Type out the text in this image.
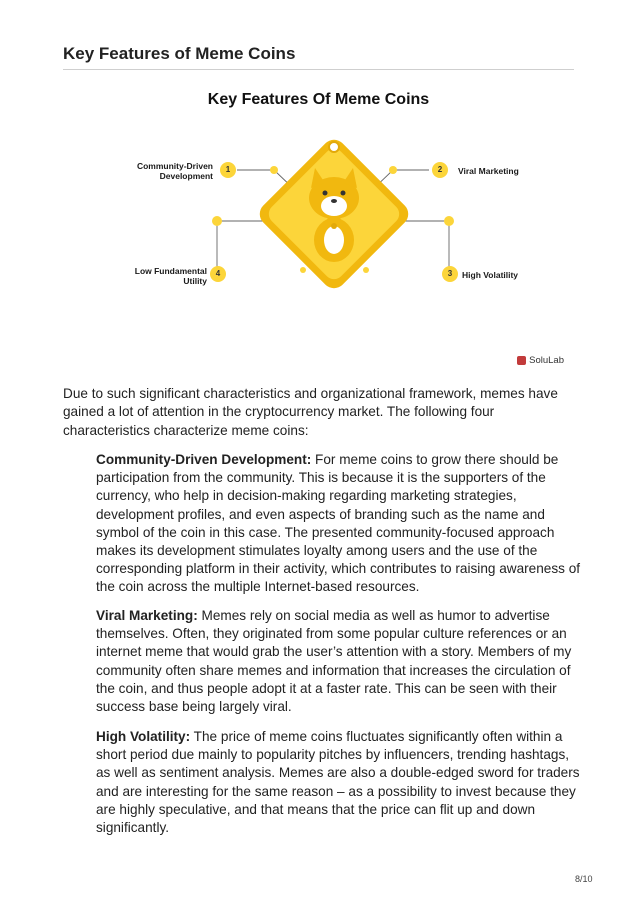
Key Features of Meme Coins
Key Features Of Meme Coins
Community-Driven
Development
1	2	Viral Marketing
Low Fundamental
Utility
4	3	High Volatility
SoluLab
Due to such significant characteristics and organizational framework, memes have gained a lot of attention in the cryptocurrency market. The following four characteristics characterize meme coins:
Community-Driven Development: For meme coins to grow there should be participation from the community. This is because it is the supporters of the currency, who help in decision-making regarding marketing strategies, development profiles, and even aspects of branding such as the name and symbol of the coin in this case. The presented community-focused approach makes its development stimulates loyalty among users and the use of the corresponding platform in their activity, which contributes to raising awareness of the coin across the multiple Internet-based resources.
Viral Marketing: Memes rely on social media as well as humor to advertise themselves. Often, they originated from some popular culture references or an internet meme that would grab the user’s attention with a story. Members of my community often share memes and information that increases the circulation of the coin, and thus people adopt it at a faster rate. This can be seen with their success base being largely viral.
High Volatility: The price of meme coins fluctuates significantly often within a short period due mainly to popularity pitches by influencers, trending hashtags, as well as sentiment analysis. Memes are also a double-edged sword for traders and are interesting for the same reason – as a possibility to invest because they are highly speculative, and that means that the price can flit up and down significantly.
8/10
